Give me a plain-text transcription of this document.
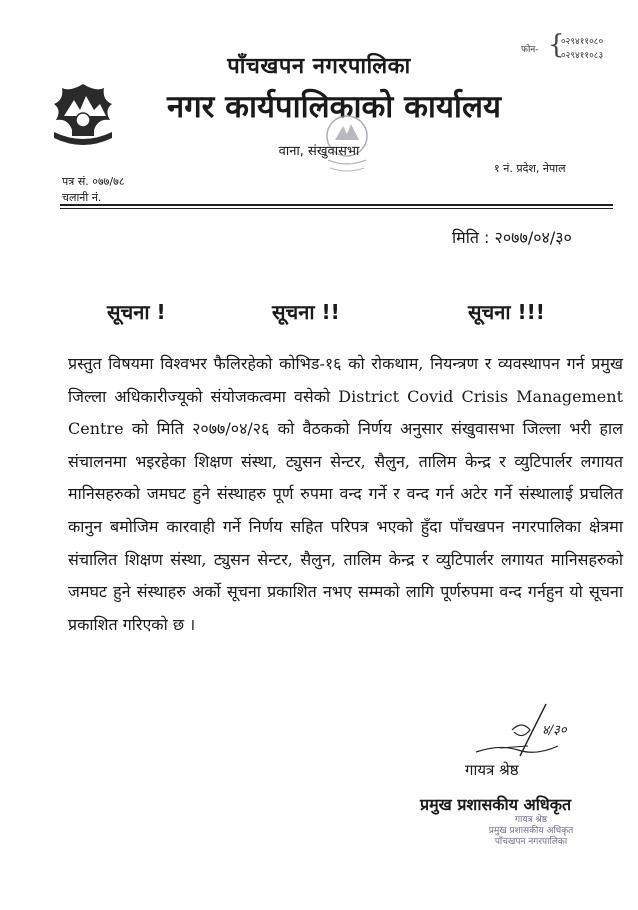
फोन- {
०२९४११०८०
०२९४११०८३
पाँचखपन नगरपालिका
नगर कार्यपालिकाको कार्यालय
वाना, संखुवासभा
१ नं. प्रदेश, नेपाल
पत्र सं. ०७७/७८
चलानी नं.
मिति : २०७७/०४/३०
सूचना !	सूचना !!	सूचना !!!

प्रस्तुत विषयमा विश्वभर फैलिरहेको कोभिड-१६ को रोकथाम, नियन्त्रण र व्यवस्थापन गर्न प्रमुख जिल्ला अधिकारीज्यूको संयोजकत्वमा वसेको District Covid Crisis Management Centre को मिति २०७७/०४/२६ को वैठकको निर्णय अनुसार संखुवासभा जिल्ला भरी हाल संचालनमा भइरहेका शिक्षण संस्था, ट्युसन सेन्टर, सैलुन, तालिम केन्द्र र व्युटिपार्लर लगायत मानिसहरुको जमघट हुने संस्थाहरु पूर्ण रुपमा वन्द गर्ने र वन्द गर्न अटेर गर्ने संस्थालाई प्रचलित कानुन बमोजिम कारवाही गर्ने निर्णय सहित परिपत्र भएको हुँदा पाँचखपन नगरपालिका क्षेत्रमा संचालित शिक्षण संस्था, ट्युसन सेन्टर, सैलुन, तालिम केन्द्र र व्युटिपार्लर लगायत मानिसहरुको जमघट हुने संस्थाहरु अर्को सूचना प्रकाशित नभए सम्मको लागि पूर्णरुपमा वन्द गर्नहुन यो सूचना प्रकाशित गरिएको छ ।

४/३०
गायत्र श्रेष्ठ
प्रमुख प्रशासकीय अधिकृत
गायत्र श्रेष्ठ
प्रमुख प्रशासकीय अधिकृत
पाँचखपन नगरपालिका
